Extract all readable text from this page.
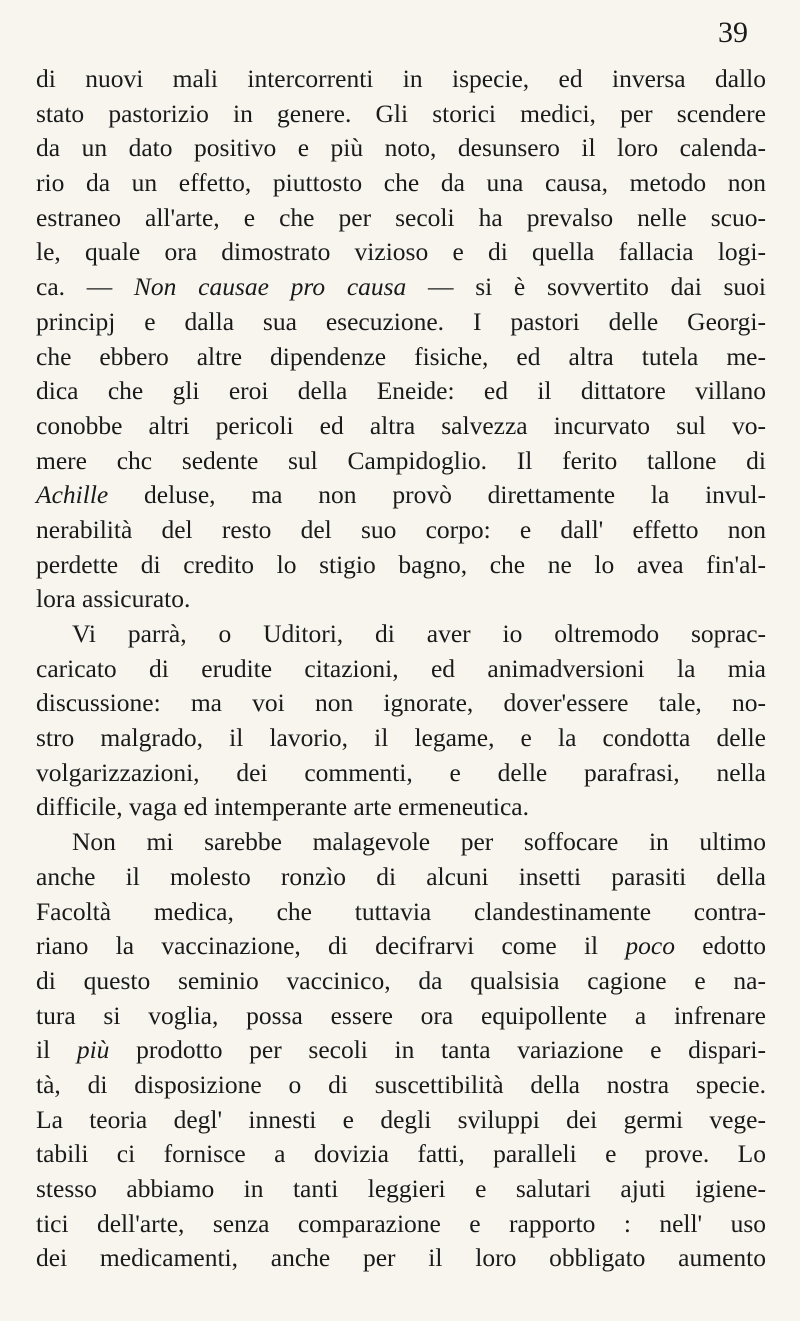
39
di nuovi mali intercorrenti in ispecie, ed inversa dallo
stato pastorizio in genere. Gli storici medici, per scendere
da un dato positivo e più noto, desunsero il loro calenda-
rio da un effetto, piuttosto che da una causa, metodo non
estraneo all'arte, e che per secoli ha prevalso nelle scuo-
le, quale ora dimostrato vizioso e di quella fallacia logi-
ca. — Non causae pro causa — si è sovvertito dai suoi
principj e dalla sua esecuzione. I pastori delle Georgi-
che ebbero altre dipendenze fisiche, ed altra tutela me-
dica che gli eroi della Eneide: ed il dittatore villano
conobbe altri pericoli ed altra salvezza incurvato sul vo-
mere chc sedente sul Campidoglio. Il ferito tallone di
Achille deluse, ma non provò direttamente la invul-
nerabilità del resto del suo corpo: e dall' effetto non
perdette di credito lo stigio bagno, che ne lo avea fin'al-
lora assicurato.
Vi parrà, o Uditori, di aver io oltremodo soprac-
caricato di erudite citazioni, ed animadversioni la mia
discussione: ma voi non ignorate, dover'essere tale, no-
stro malgrado, il lavorio, il legame, e la condotta delle
volgarizzazioni, dei commenti, e delle parafrasi, nella
difficile, vaga ed intemperante arte ermeneutica.
Non mi sarebbe malagevole per soffocare in ultimo
anche il molesto ronzìo di alcuni insetti parasiti della
Facoltà medica, che tuttavia clandestinamente contra-
riano la vaccinazione, di decifrarvi come il poco edotto
di questo seminio vaccinico, da qualsisia cagione e na-
tura si voglia, possa essere ora equipollente a infrenare
il più prodotto per secoli in tanta variazione e dispari-
tà, di disposizione o di suscettibilità della nostra specie.
La teoria degl' innesti e degli sviluppi dei germi vege-
tabili ci fornisce a dovizia fatti, paralleli e prove. Lo
stesso abbiamo in tanti leggieri e salutari ajuti igiene-
tici dell'arte, senza comparazione e rapporto : nell' uso
dei medicamenti, anche per il loro obbligato aumento
